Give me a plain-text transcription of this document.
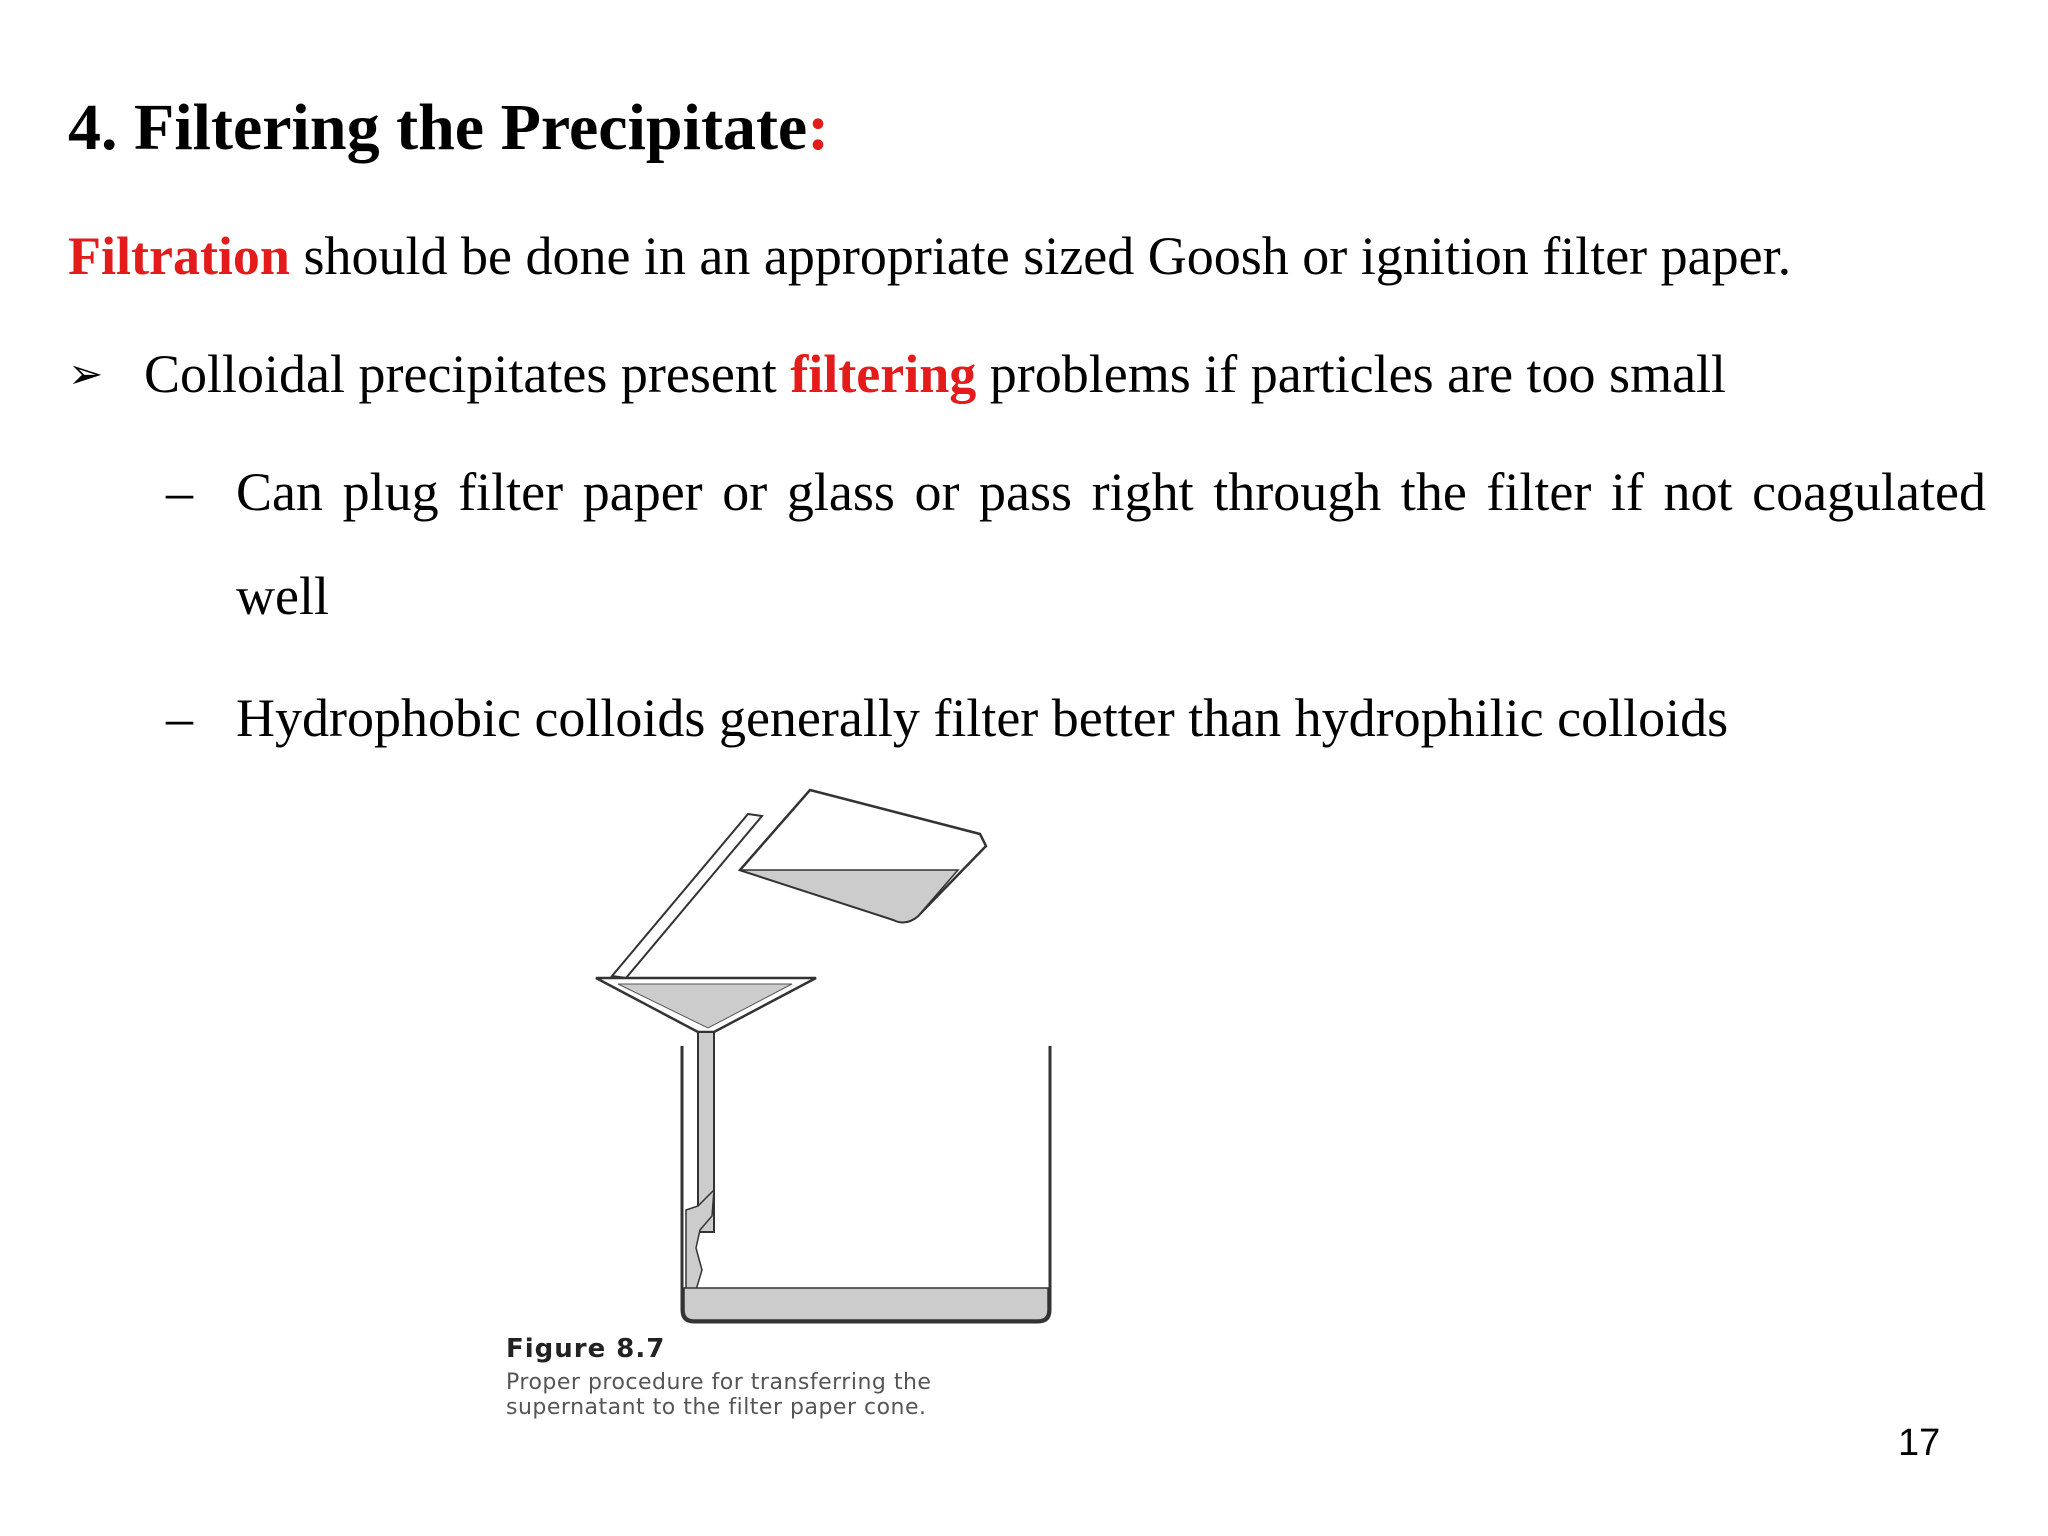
4. Filtering the Precipitate:
Filtration should be done in an appropriate sized Goosh or ignition filter paper.
➢ Colloidal precipitates present filtering problems if particles are too small
– Can plug filter paper or glass or pass right through the filter if not coagulated well
– Hydrophobic colloids generally filter better than hydrophilic colloids
Figure 8.7
Proper procedure for transferring the
supernatant to the filter paper cone.
17
